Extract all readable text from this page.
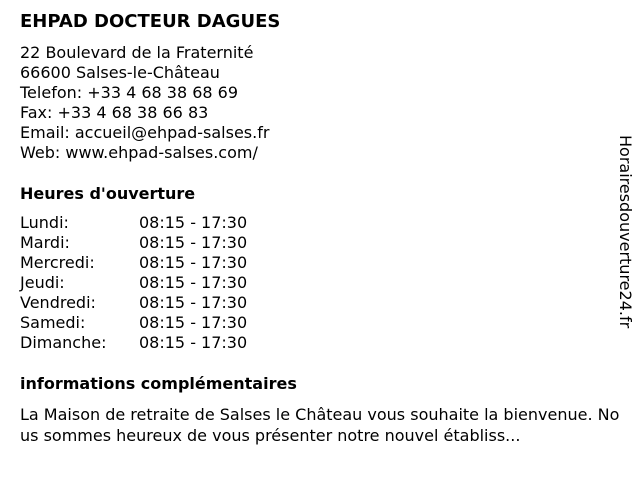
EHPAD DOCTEUR DAGUES
22 Boulevard de la Fraternité
66600 Salses-le-Château
Telefon: +33 4 68 38 68 69
Fax: +33 4 68 38 66 83
Email: accueil@ehpad-salses.fr
Web: www.ehpad-salses.com/
Heures d'ouverture
Lundi:	08:15 - 17:30
Mardi:	08:15 - 17:30
Mercredi:	08:15 - 17:30
Jeudi:	08:15 - 17:30
Vendredi:	08:15 - 17:30
Samedi:	08:15 - 17:30
Dimanche: 08:15 - 17:30
informations complémentaires
La Maison de retraite de Salses le Château vous souhaite la bienvenue. Nous sommes heureux de vous présenter notre nouvel établiss...
Horairesdouverture24.fr
